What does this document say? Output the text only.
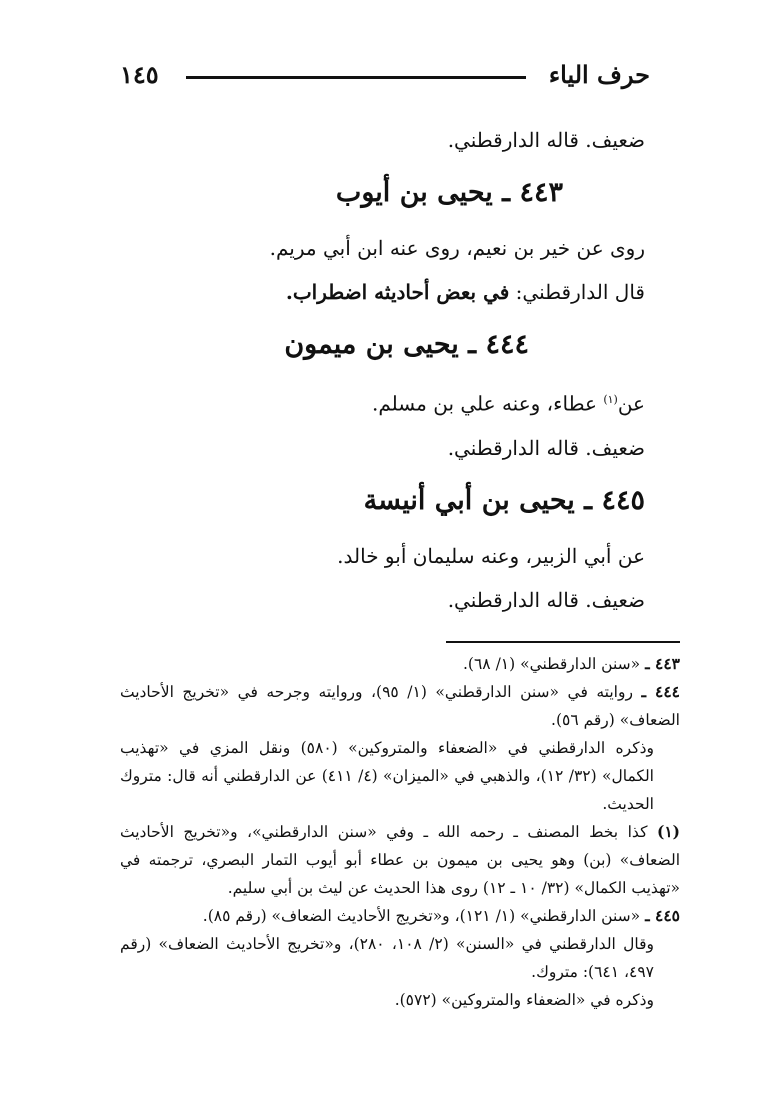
١٤٥	حرف الياء
ضعيف. قاله الدارقطني.
٤٤٣ ـ يحيى بن أيوب
روى عن خير بن نعيم، روى عنه ابن أبي مريم.
قال الدارقطني: في بعض أحاديثه اضطراب.
٤٤٤ ـ يحيى بن ميمون
عن$^{(١)}$ عطاء، وعنه علي بن مسلم.
ضعيف. قاله الدارقطني.
٤٤٥ ـ يحيى بن أبي أنيسة
عن أبي الزبير، وعنه سليمان أبو خالد.
ضعيف. قاله الدارقطني.

٤٤٣ ـ «سنن الدارقطني» (١/ ٦٨).

٤٤٤ ـ روايته في «سنن الدارقطني» (١/ ٩٥)، وروايته وجرحه في «تخريج الأحاديث الضعاف» (رقم ٥٦).

وذكره الدارقطني في «الضعفاء والمتروكين» (٥٨٠) ونقل المزي في «تهذيب الكمال» (٣٢/ ١٢)، والذهبي في «الميزان» (٤/ ٤١١) عن الدارقطني أنه قال: متروك الحديث.

(١) كذا بخط المصنف ـ رحمه الله ـ وفي «سنن الدارقطني»، و«تخريج الأحاديث الضعاف» (بن) وهو يحيى بن ميمون بن عطاء أبو أيوب التمار البصري، ترجمته في «تهذيب الكمال» (٣٢/ ١٠ ـ ١٢) روى هذا الحديث عن ليث بن أبي سليم.

٤٤٥ ـ «سنن الدارقطني» (١/ ١٢١)، و«تخريج الأحاديث الضعاف» (رقم ٨٥).

وقال الدارقطني في «السنن» (٢/ ١٠٨، ٢٨٠)، و«تخريج الأحاديث الضعاف» (رقم ٤٩٧، ٦٤١): متروك.

وذكره في «الضعفاء والمتروكين» (٥٧٢).
